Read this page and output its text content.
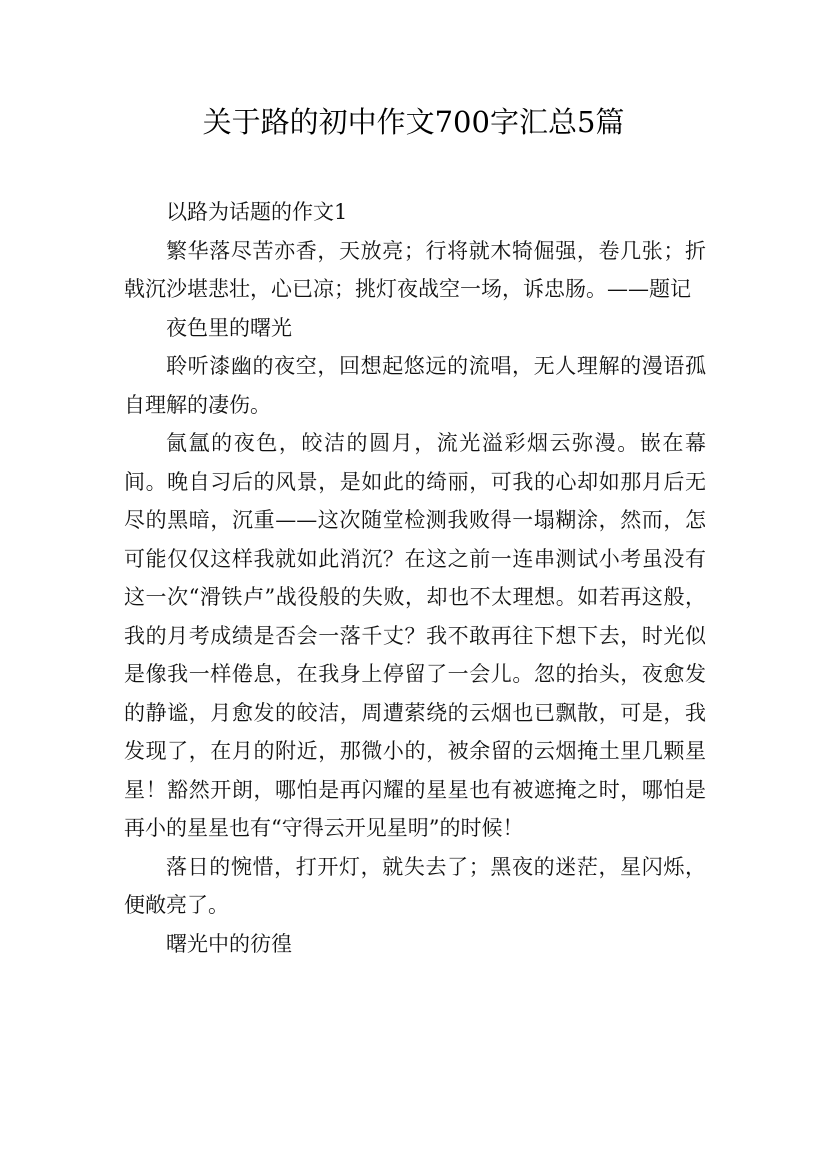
关于路的初中作文700字汇总5篇

以路为话题的作文1

繁华落尽苦亦香，天放亮；行将就木犄倔强，卷几张；折戟沉沙堪悲壮，心已凉；挑灯夜战空一场，诉忠肠。——题记

夜色里的曙光

聆听漆幽的夜空，回想起悠远的流唱，无人理解的漫语孤自理解的凄伤。

氤氲的夜色，皎洁的圆月，流光溢彩烟云弥漫。嵌在幕间。晚自习后的风景，是如此的绮丽，可我的心却如那月后无尽的黑暗，沉重——这次随堂检测我败得一塌糊涂，然而，怎可能仅仅这样我就如此消沉？在这之前一连串测试小考虽没有这一次“滑铁卢”战役般的失败，却也不太理想。如若再这般，我的月考成绩是否会一落千丈？我不敢再往下想下去，时光似是像我一样倦息，在我身上停留了一会儿。忽的抬头，夜愈发的静谧，月愈发的皎洁，周遭萦绕的云烟也已飘散，可是，我发现了，在月的附近，那微小的，被余留的云烟掩土里几颗星星！豁然开朗，哪怕是再闪耀的星星也有被遮掩之时，哪怕是再小的星星也有“守得云开见星明”的时候！

落日的惋惜，打开灯，就失去了；黑夜的迷茫，星闪烁，便敞亮了。

曙光中的彷徨
